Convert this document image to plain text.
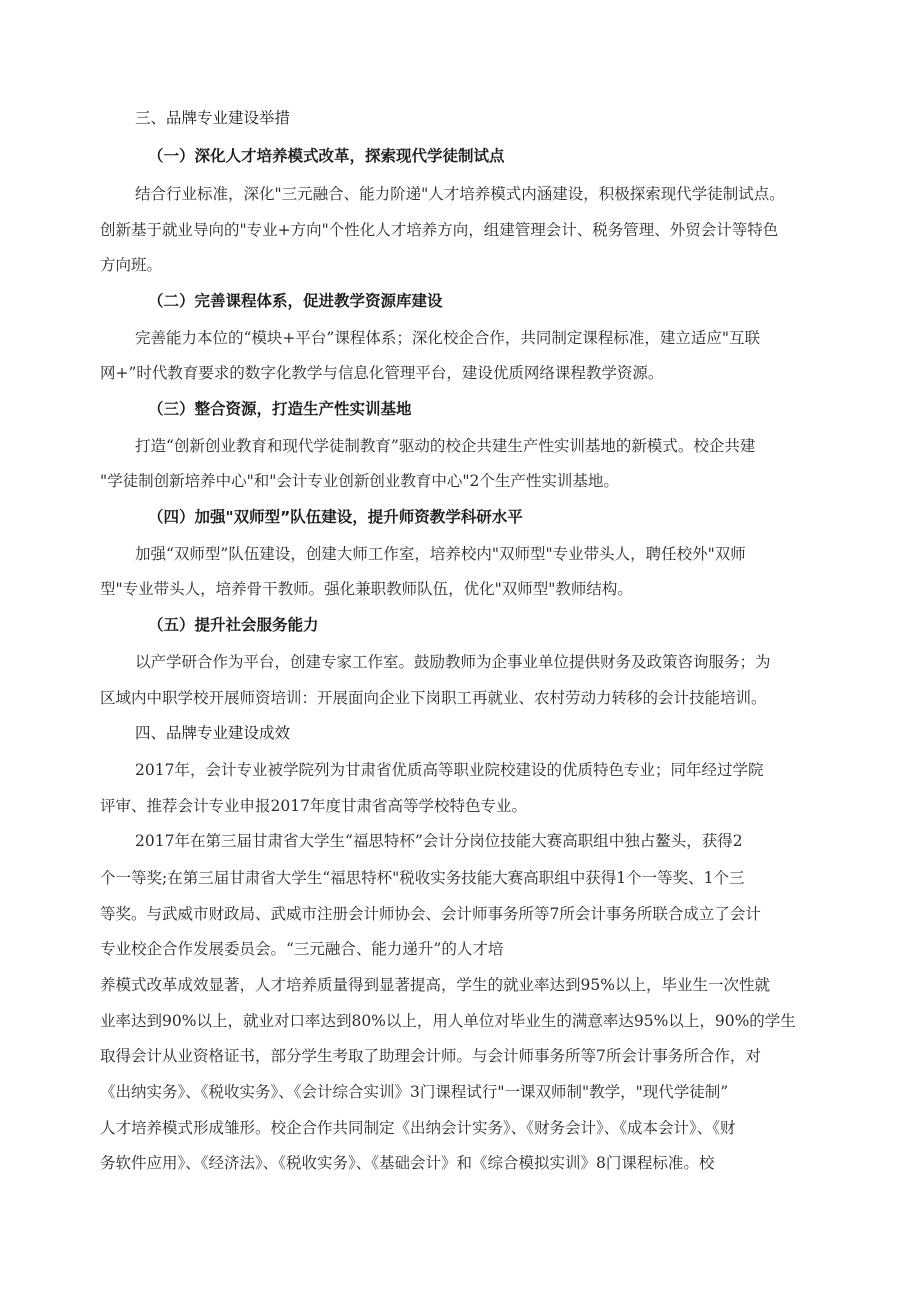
三、品牌专业建设举措
（一）深化人才培养模式改革，探索现代学徒制试点
结合行业标准，深化"三元融合、能力阶递"人才培养模式内涵建设，积极探索现代学徒制试点。
创新基于就业导向的"专业+方向"个性化人才培养方向，组建管理会计、税务管理、外贸会计等特色
方向班。
（二）完善课程体系，促进教学资源库建设
完善能力本位的“模块+平台”课程体系；深化校企合作，共同制定课程标准，建立适应"互联
网+”时代教育要求的数字化教学与信息化管理平台，建设优质网络课程教学资源。
（三）整合资源，打造生产性实训基地
打造“创新创业教育和现代学徒制教育”驱动的校企共建生产性实训基地的新模式。校企共建
"学徒制创新培养中心"和"会计专业创新创业教育中心"2个生产性实训基地。
（四）加强"双师型”队伍建设，提升师资教学科研水平
加强“双师型”队伍建设，创建大师工作室，培养校内"双师型"专业带头人，聘任校外"双师
型"专业带头人，培养骨干教师。强化兼职教师队伍，优化"双师型"教师结构。
（五）提升社会服务能力
以产学研合作为平台，创建专家工作室。鼓励教师为企事业单位提供财务及政策咨询服务；为
区域内中职学校开展师资培训：开展面向企业下岗职工再就业、农村劳动力转移的会计技能培训。
四、品牌专业建设成效
2017年，会计专业被学院列为甘肃省优质高等职业院校建设的优质特色专业；同年经过学院
评审、推荐会计专业申报2017年度甘肃省高等学校特色专业。
2017年在第三届甘肃省大学生“福思特杯”会计分岗位技能大赛高职组中独占鳌头，获得2
个一等奖;在第三届甘肃省大学生“福思特杯"税收实务技能大赛高职组中获得1个一等奖、1个三
等奖。与武威市财政局、武威市注册会计师协会、会计师事务所等7所会计事务所联合成立了会计
专业校企合作发展委员会。“三元融合、能力递升”的人才培
养模式改革成效显著，人才培养质量得到显著提高，学生的就业率达到95%以上，毕业生一次性就
业率达到90%以上，就业对口率达到80%以上，用人单位对毕业生的满意率达95%以上，90%的学生
取得会计从业资格证书，部分学生考取了助理会计师。与会计师事务所等7所会计事务所合作，对
《出纳实务》、《税收实务》、《会计综合实训》3门课程试行"一课双师制"教学，"现代学徒制”
人才培养模式形成雏形。校企合作共同制定《出纳会计实务》、《财务会计》、《成本会计》、《财
务软件应用》、《经济法》、《税收实务》、《基础会计》和《综合模拟实训》8门课程标准。校
